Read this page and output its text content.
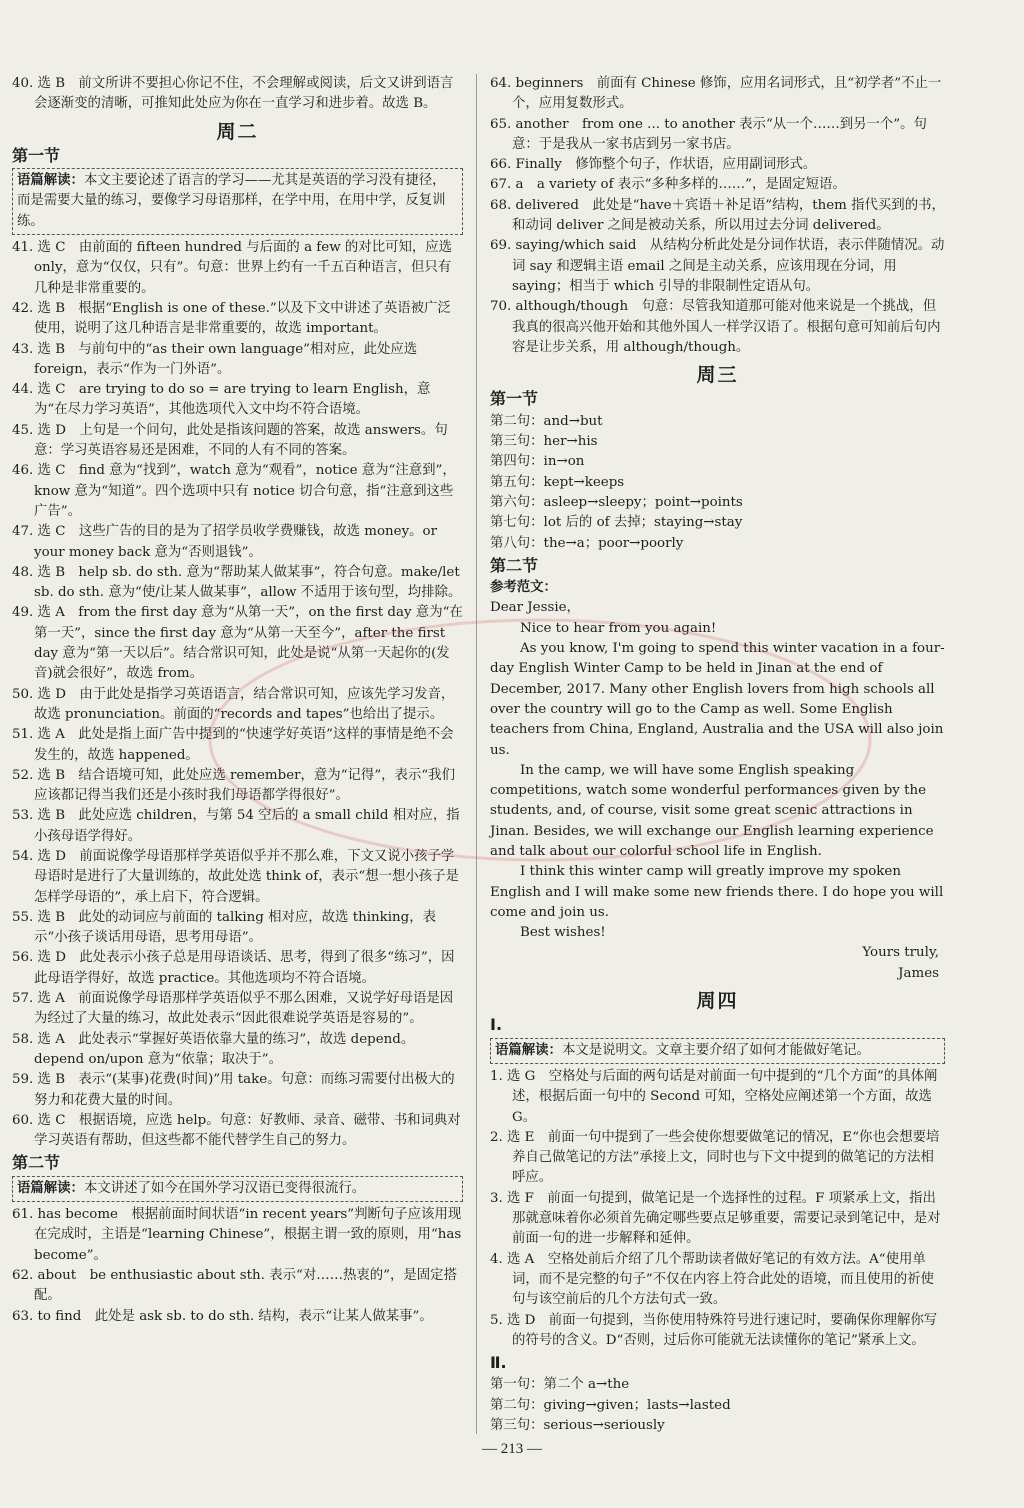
40. 选 B　前文所讲不要担心你记不住，不会理解或阅读，后文又讲到语言会逐渐变的清晰，可推知此处应为你在一直学习和进步着。故选 B。

周二
第一节
语篇解读：本文主要论述了语言的学习——尤其是英语的学习没有捷径，而是需要大量的练习，要像学习母语那样，在学中用，在用中学，反复训练。

41. 选 C　由前面的 fifteen hundred 与后面的 a few 的对比可知，应选 only，意为“仅仅，只有”。句意：世界上约有一千五百种语言，但只有几种是非常重要的。

42. 选 B　根据“English is one of these.”以及下文中讲述了英语被广泛使用，说明了这几种语言是非常重要的，故选 important。

43. 选 B　与前句中的“as their own language”相对应，此处应选 foreign，表示“作为一门外语”。

44. 选 C　are trying to do so = are trying to learn English，意为“在尽力学习英语”，其他选项代入文中均不符合语境。

45. 选 D　上句是一个问句，此处是指该问题的答案，故选 answers。句意：学习英语容易还是困难，不同的人有不同的答案。

46. 选 C　find 意为“找到”，watch 意为“观看”，notice 意为“注意到”，know 意为“知道”。四个选项中只有 notice 切合句意，指“注意到这些广告”。

47. 选 C　这些广告的目的是为了招学员收学费赚钱，故选 money。or your money back 意为“否则退钱”。

48. 选 B　help sb. do sth. 意为“帮助某人做某事”，符合句意。make/let sb. do sth. 意为“使/让某人做某事”，allow 不适用于该句型，均排除。

49. 选 A　from the first day 意为“从第一天”，on the first day 意为“在第一天”，since the first day 意为“从第一天至今”，after the first day 意为“第一天以后”。结合常识可知，此处是说“从第一天起你的(发音)就会很好”，故选 from。

50. 选 D　由于此处是指学习英语语言，结合常识可知，应该先学习发音，故选 pronunciation。前面的“records and tapes”也给出了提示。

51. 选 A　此处是指上面广告中提到的“快速学好英语”这样的事情是绝不会发生的，故选 happened。

52. 选 B　结合语境可知，此处应选 remember，意为“记得”，表示“我们应该都记得当我们还是小孩时我们母语都学得很好”。

53. 选 B　此处应选 children，与第 54 空后的 a small child 相对应，指小孩母语学得好。

54. 选 D　前面说像学母语那样学英语似乎并不那么难，下文又说小孩子学母语时是进行了大量训练的，故此处选 think of，表示“想一想小孩子是怎样学母语的”，承上启下，符合逻辑。

55. 选 B　此处的动词应与前面的 talking 相对应，故选 thinking，表示“小孩子谈话用母语，思考用母语”。

56. 选 D　此处表示小孩子总是用母语谈话、思考，得到了很多“练习”，因此母语学得好，故选 practice。其他选项均不符合语境。

57. 选 A　前面说像学母语那样学英语似乎不那么困难，又说学好母语是因为经过了大量的练习，故此处表示“因此很难说学英语是容易的”。

58. 选 A　此处表示“掌握好英语依靠大量的练习”，故选 depend。depend on/upon 意为“依靠；取决于”。

59. 选 B　表示“(某事)花费(时间)”用 take。句意：而练习需要付出极大的努力和花费大量的时间。

60. 选 C　根据语境，应选 help。句意：好教师、录音、磁带、书和词典对学习英语有帮助，但这些都不能代替学生自己的努力。

第二节
语篇解读：本文讲述了如今在国外学习汉语已变得很流行。

61. has become　根据前面时间状语“in recent years”判断句子应该用现在完成时，主语是“learning Chinese”，根据主谓一致的原则，用“has become”。

62. about　be enthusiastic about sth. 表示“对……热衷的”，是固定搭配。

63. to find　此处是 ask sb. to do sth. 结构，表示“让某人做某事”。

64. beginners　前面有 Chinese 修饰，应用名词形式，且“初学者”不止一个，应用复数形式。

65. another　from one ... to another 表示“从一个……到另一个”。句意：于是我从一家书店到另一家书店。

66. Finally　修饰整个句子，作状语，应用副词形式。

67. a　a variety of 表示“多种多样的……”，是固定短语。

68. delivered　此处是“have＋宾语＋补足语”结构，them 指代买到的书，和动词 deliver 之间是被动关系，所以用过去分词 delivered。

69. saying/which said　从结构分析此处是分词作状语，表示伴随情况。动词 say 和逻辑主语 email 之间是主动关系，应该用现在分词，用 saying；相当于 which 引导的非限制性定语从句。

70. although/though　句意：尽管我知道那可能对他来说是一个挑战，但我真的很高兴他开始和其他外国人一样学汉语了。根据句意可知前后句内容是让步关系，用 although/though。

周三
第一节

第二句：and→but

第三句：her→his

第四句：in→on

第五句：kept→keeps

第六句：asleep→sleepy；point→points

第七句：lot 后的 of 去掉；staying→stay

第八句：the→a；poor→poorly

第二节

参考范文：

Dear Jessie，

Nice to hear from you again!

As you know, I'm going to spend this winter vacation in a four-day English Winter Camp to be held in Jinan at the end of December, 2017. Many other English lovers from high schools all over the country will go to the Camp as well. Some English teachers from China, England, Australia and the USA will also join us.

In the camp, we will have some English speaking competitions, watch some wonderful performances given by the students, and, of course, visit some great scenic attractions in Jinan. Besides, we will exchange our English learning experience and talk about our colorful school life in English.

I think this winter camp will greatly improve my spoken English and I will make some new friends there. I do hope you will come and join us.

Best wishes!

Yours truly,

James

周四
Ⅰ.
语篇解读：本文是说明文。文章主要介绍了如何才能做好笔记。

1. 选 G　空格处与后面的两句话是对前面一句中提到的“几个方面”的具体阐述，根据后面一句中的 Second 可知，空格处应阐述第一个方面，故选 G。

2. 选 E　前面一句中提到了一些会使你想要做笔记的情况，E“你也会想要培养自己做笔记的方法”承接上文，同时也与下文中提到的做笔记的方法相呼应。

3. 选 F　前面一句提到，做笔记是一个选择性的过程。F 项紧承上文，指出那就意味着你必须首先确定哪些要点足够重要，需要记录到笔记中，是对前面一句的进一步解释和延伸。

4. 选 A　空格处前后介绍了几个帮助读者做好笔记的有效方法。A“使用单词，而不是完整的句子”不仅在内容上符合此处的语境，而且使用的祈使句与该空前后的几个方法句式一致。

5. 选 D　前面一句提到，当你使用特殊符号进行速记时，要确保你理解你写的符号的含义。D“否则，过后你可能就无法读懂你的笔记”紧承上文。

Ⅱ.

第一句：第二个 a→the

第二句：giving→given；lasts→lasted

第三句：serious→seriously

— 213 —
